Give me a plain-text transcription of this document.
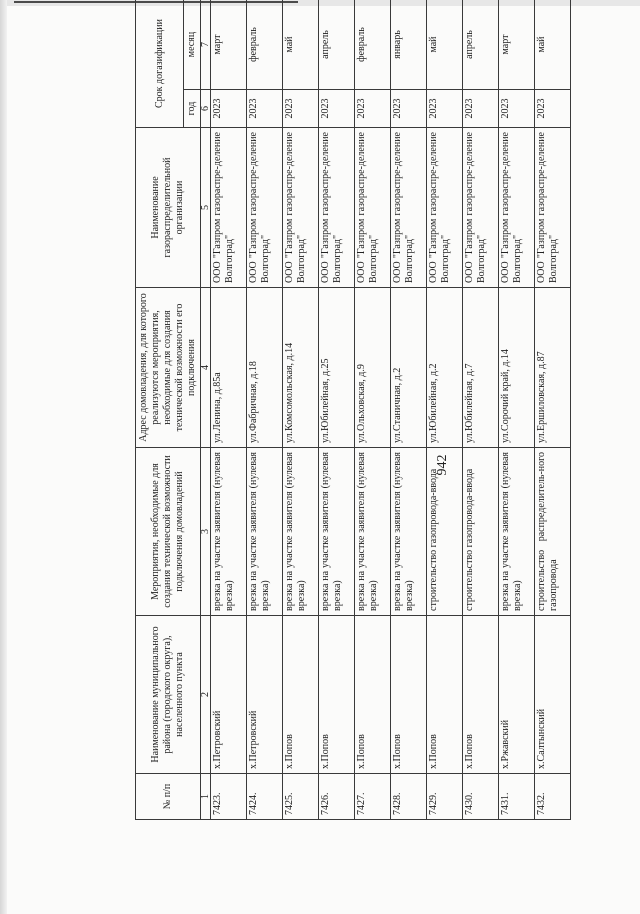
942
№ п/п	Наименование муниципального района (городского округа), населенного пункта	Мероприятия, необходимые для создания технической возможности подключения домовладений	Адрес домовладения, для которого реализуются мероприятия, необходимые для создания технической возможности его подключения	Наименование газораспределительной организации	Срок догазификации	
					год	месяц
1	2	3	4	5	6	7
7423.	х.Петровский	врезка на участке заявителя (нулевая врезка)	ул.Ленина, д.85а	ООО "Газпром газораспре-деление Волгоград"	2023	март
7424.	х.Петровский	врезка на участке заявителя (нулевая врезка)	ул.Фабричная, д.18	ООО "Газпром газораспре-деление Волгоград"	2023	февраль
7425.	х.Попов	врезка на участке заявителя (нулевая врезка)	ул.Комсомольская, д.14	ООО "Газпром газораспре-деление Волгоград"	2023	май
7426.	х.Попов	врезка на участке заявителя (нулевая врезка)	ул.Юбилейная, д.25	ООО "Газпром газораспре-деление Волгоград"	2023	апрель
7427.	х.Попов	врезка на участке заявителя (нулевая врезка)	ул.Ольховская, д.9	ООО "Газпром газораспре-деление Волгоград"	2023	февраль
7428.	х.Попов	врезка на участке заявителя (нулевая врезка)	ул.Станичная, д.2	ООО "Газпром газораспре-деление Волгоград"	2023	январь
7429.	х.Попов	строительство газопровода-ввода	ул.Юбилейная, д.2	ООО "Газпром газораспре-деление Волгоград"	2023	май
7430.	х.Попов	строительство газопровода-ввода	ул.Юбилейная, д.7	ООО "Газпром газораспре-деление Волгоград"	2023	апрель
7431.	х.Ржавский	врезка на участке заявителя (нулевая врезка)	ул.Сорочий край, д.14	ООО "Газпром газораспре-деление Волгоград"	2023	март
7432.	х.Салтынский	строительство распределитель-ного газопровода	ул.Ершиловская, д.87	ООО "Газпром газораспре-деление Волгоград"	2023	май
